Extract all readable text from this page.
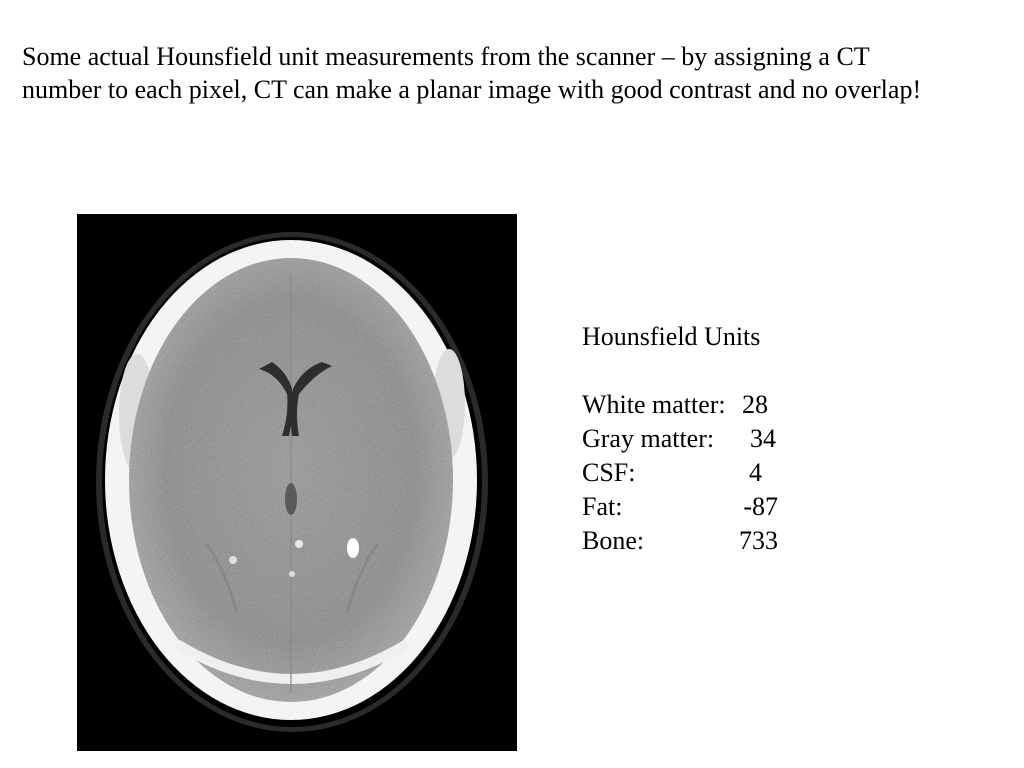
Some actual Hounsfield unit measurements from the scanner – by assigning a CT
number to each pixel, CT can make a planar image with good contrast and no overlap!

Hounsfield Units
White matter: 28
Gray matter:	34
CSF:	4
Fat:	-87
Bone:	733
